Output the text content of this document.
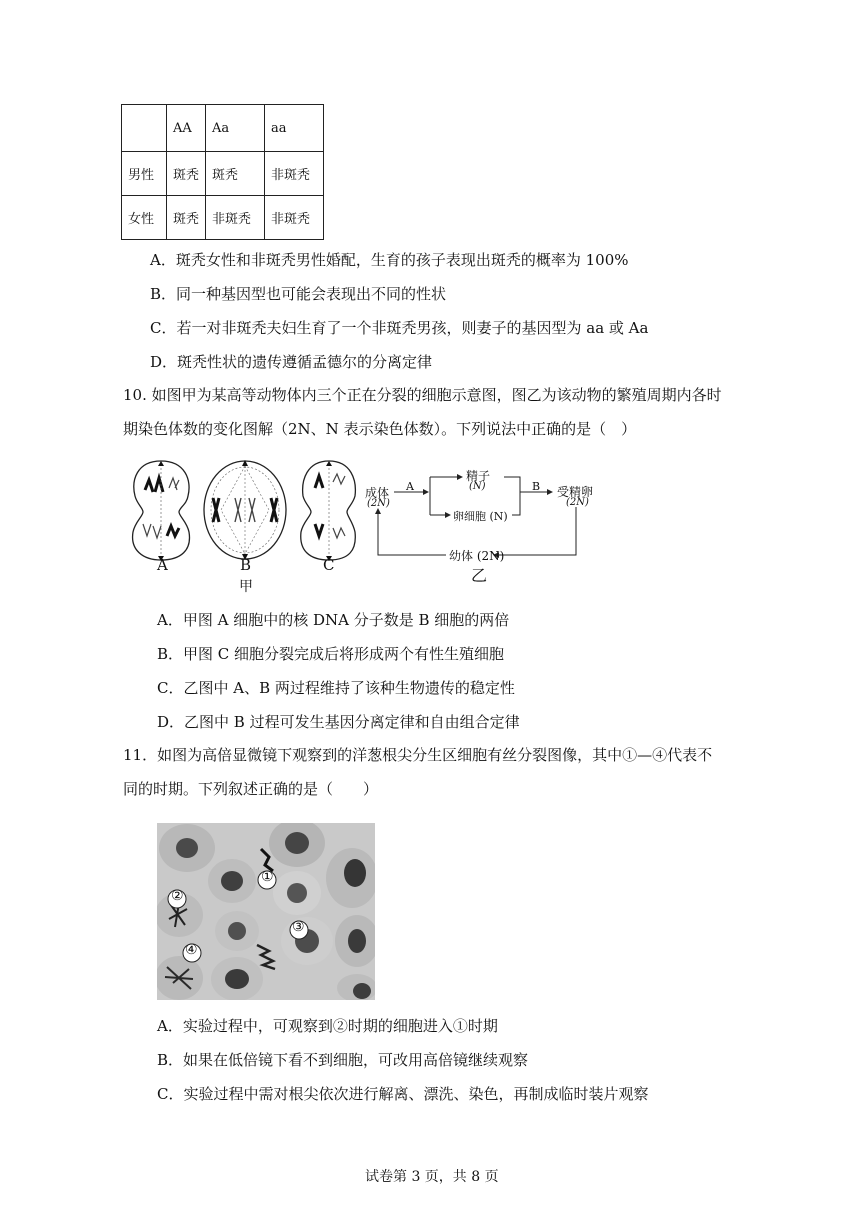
	AA	Aa	aa
男性	斑秃	斑秃	非斑秃
女性	斑秃	非斑秃	非斑秃
A．斑秃女性和非斑秃男性婚配，生育的孩子表现出斑秃的概率为 100%
B．同一种基因型也可能会表现出不同的性状
C．若一对非斑秃夫妇生育了一个非斑秃男孩，则妻子的基因型为 aa 或 Aa
D．斑秃性状的遗传遵循孟德尔的分离定律
10. 如图甲为某高等动物体内三个正在分裂的细胞示意图，图乙为该动物的繁殖周期内各时
期染色体数的变化图解（2N、N 表示染色体数）。下列说法中正确的是（　）
A	B	C
甲
成体
(2N)
A
精子
(N)
卵细胞 (N)
B 受精卵
(2N)
幼体 (2N)
乙
A．甲图 A 细胞中的核 DNA 分子数是 B 细胞的两倍
B．甲图 C 细胞分裂完成后将形成两个有性生殖细胞
C．乙图中 A、B 两过程维持了该种生物遗传的稳定性
D．乙图中 B 过程可发生基因分离定律和自由组合定律
11．如图为高倍显微镜下观察到的洋葱根尖分生区细胞有丝分裂图像，其中①—④代表不
同的时期。下列叙述正确的是（　　）
①
②
③
④
A．实验过程中，可观察到②时期的细胞进入①时期
B．如果在低倍镜下看不到细胞，可改用高倍镜继续观察
C．实验过程中需对根尖依次进行解离、漂洗、染色，再制成临时装片观察
试卷第 3 页，共 8 页
